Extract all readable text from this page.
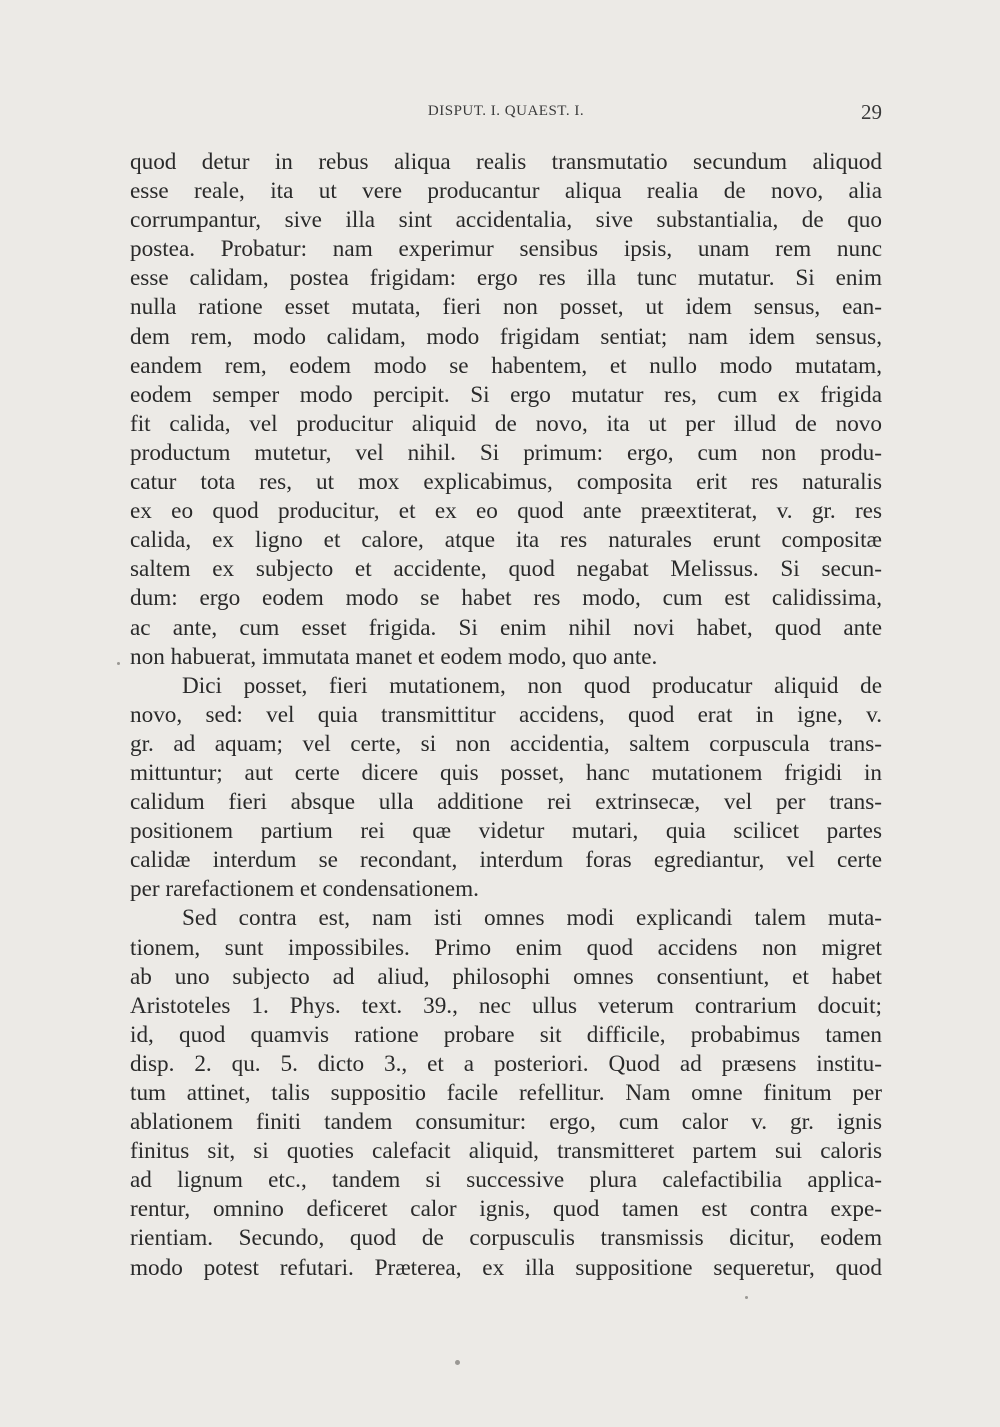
DISPUT. I. QUAEST. I.	29
quod detur in rebus aliqua realis transmutatio secundum aliquod
esse reale, ita ut vere producantur aliqua realia de novo, alia
corrumpantur, sive illa sint accidentalia, sive substantialia, de quo
postea. Probatur: nam experimur sensibus ipsis, unam rem nunc
esse calidam, postea frigidam: ergo res illa tunc mutatur. Si enim
nulla ratione esset mutata, fieri non posset, ut idem sensus, ean-
dem rem, modo calidam, modo frigidam sentiat; nam idem sensus,
eandem rem, eodem modo se habentem, et nullo modo mutatam,
eodem semper modo percipit. Si ergo mutatur res, cum ex frigida
fit calida, vel producitur aliquid de novo, ita ut per illud de novo
productum mutetur, vel nihil. Si primum: ergo, cum non produ-
catur tota res, ut mox explicabimus, composita erit res naturalis
ex eo quod producitur, et ex eo quod ante præextiterat, v. gr. res
calida, ex ligno et calore, atque ita res naturales erunt compositæ
saltem ex subjecto et accidente, quod negabat Melissus. Si secun-
dum: ergo eodem modo se habet res modo, cum est calidissima,
ac ante, cum esset frigida. Si enim nihil novi habet, quod ante
non habuerat, immutata manet et eodem modo, quo ante.
Dici posset, fieri mutationem, non quod producatur aliquid de
novo, sed: vel quia transmittitur accidens, quod erat in igne, v.
gr. ad aquam; vel certe, si non accidentia, saltem corpuscula trans-
mittuntur; aut certe dicere quis posset, hanc mutationem frigidi in
calidum fieri absque ulla additione rei extrinsecæ, vel per trans-
positionem partium rei quæ videtur mutari, quia scilicet partes
calidæ interdum se recondant, interdum foras egrediantur, vel certe
per rarefactionem et condensationem.
Sed contra est, nam isti omnes modi explicandi talem muta-
tionem, sunt impossibiles. Primo enim quod accidens non migret
ab uno subjecto ad aliud, philosophi omnes consentiunt, et habet
Aristoteles 1. Phys. text. 39., nec ullus veterum contrarium docuit;
id, quod quamvis ratione probare sit difficile, probabimus tamen
disp. 2. qu. 5. dicto 3., et a posteriori. Quod ad præsens institu-
tum attinet, talis suppositio facile refellitur. Nam omne finitum per
ablationem finiti tandem consumitur: ergo, cum calor v. gr. ignis
finitus sit, si quoties calefacit aliquid, transmitteret partem sui caloris
ad lignum etc., tandem si successive plura calefactibilia applica-
rentur, omnino deficeret calor ignis, quod tamen est contra expe-
rientiam. Secundo, quod de corpusculis transmissis dicitur, eodem
modo potest refutari. Præterea, ex illa suppositione sequeretur, quod
